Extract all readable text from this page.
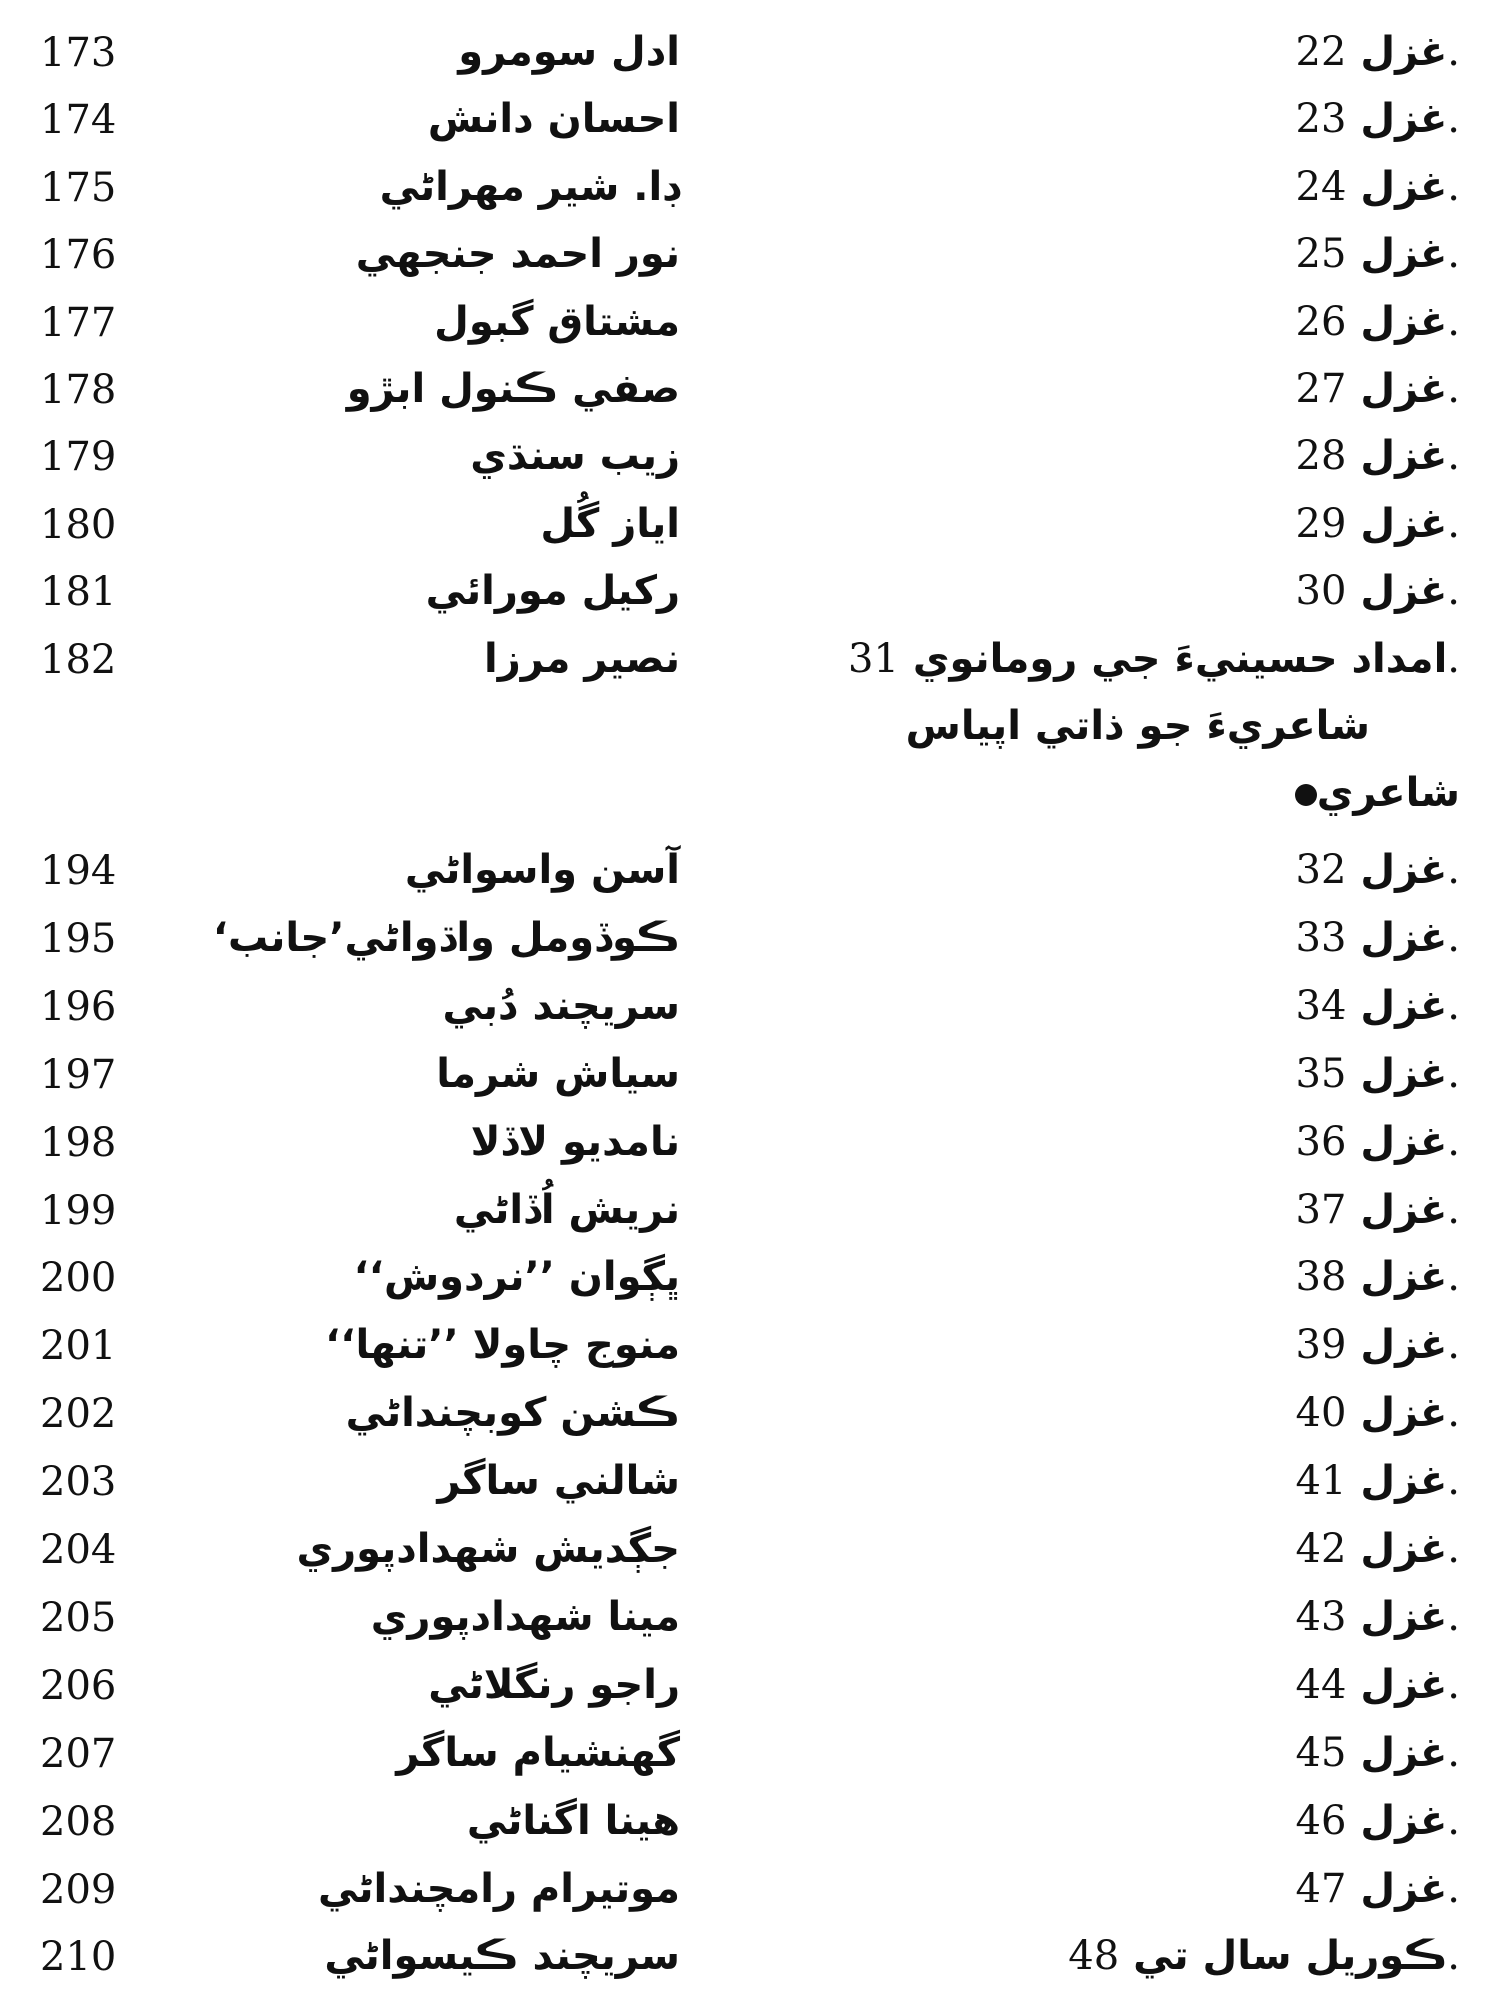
173	ادل سومرو	غزل 22.
174	احسان دانش	غزل 23.
175	ڊا. شير مهراڻي	غزل 24.
176	نور احمد جنجهي	غزل 25.
177	مشتاق گبول	غزل 26.
178	صفي ڪنول ابڙو	غزل 27.
179	زيب سنڌي	غزل 28.
180	اياز گُل	غزل 29.
181	رکيل مورائي	غزل 30.
182	نصير مرزا	امداد حسينيءَ جي رومانوي 31.
شاعريءَ جو ذاتي اپياس
شاعري
194	آسن واسواڻي	غزل 32.
195	ڪوڏومل واڌواڻي’جانب‘	غزل 33.
196	سريچند دُبي	غزل 34.
197	سياش شرما	غزل 35.
198	نامديو لاڏلا	غزل 36.
199	نريش اُڏاڻي	غزل 37.
200	ڀڳوان ’’نردوش‘‘	غزل 38.
201	منوج چاولا ’’تنها‘‘	غزل 39.
202	ڪشن کوبچنداڻي	غزل 40.
203	شالني ساگر	غزل 41.
204	جڳديش شهدادپوري	غزل 42.
205	مينا شهدادپوري	غزل 43.
206	راجو رنگلاڻي	غزل 44.
207	گهنشيام ساگر	غزل 45.
208	هينا اگناڻي	غزل 46.
209	موتيرام رامچنداڻي	غزل 47.
210	سريچند ڪيسواڻي	ڪوريل سال تي 48.
